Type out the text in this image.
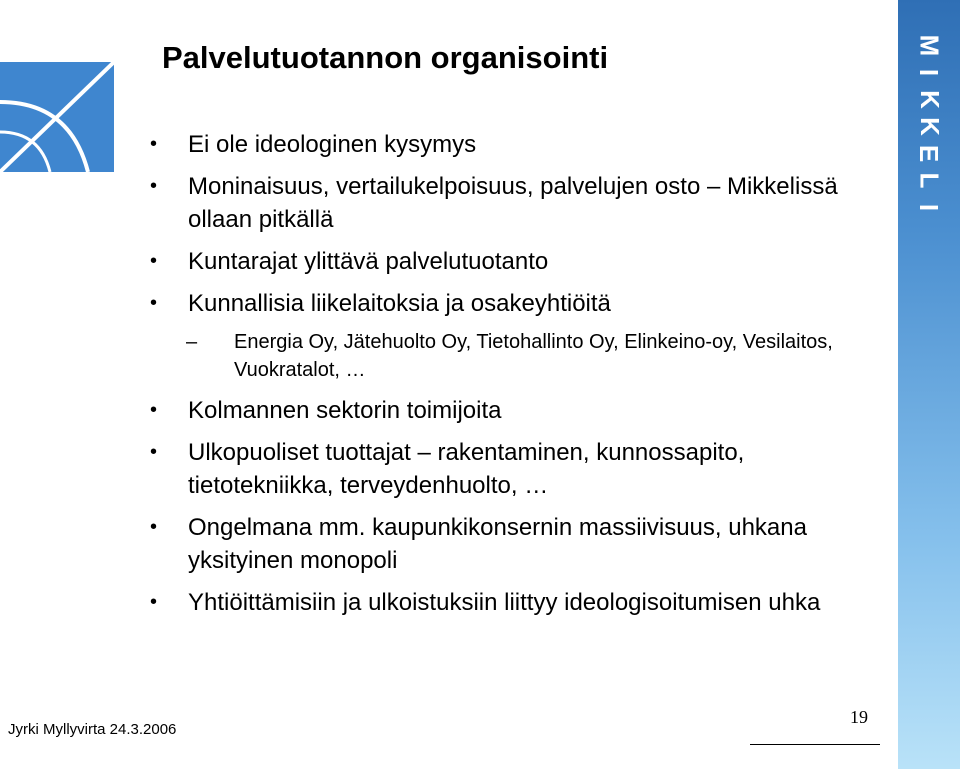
Palvelutuotannon organisointi
• Ei ole ideologinen kysymys
• Moninaisuus, vertailukelpoisuus, palvelujen osto – Mikkelissä ollaan pitkällä
• Kuntarajat ylittävä palvelutuotanto
• Kunnallisia liikelaitoksia ja osakeyhtiöitä
– Energia Oy, Jätehuolto Oy, Tietohallinto Oy, Elinkeino-oy, Vesilaitos, Vuokratalot, …
• Kolmannen sektorin toimijoita
• Ulkopuoliset tuottajat – rakentaminen, kunnossapito, tietotekniikka, terveydenhuolto, …
• Ongelmana mm. kaupunkikonsernin massiivisuus, uhkana yksityinen monopoli
• Yhtiöittämisiin ja ulkoistuksiin liittyy ideologisoitumisen uhka
M
I
K
K
E
L
I
Jyrki Myllyvirta 24.3.2006
19
